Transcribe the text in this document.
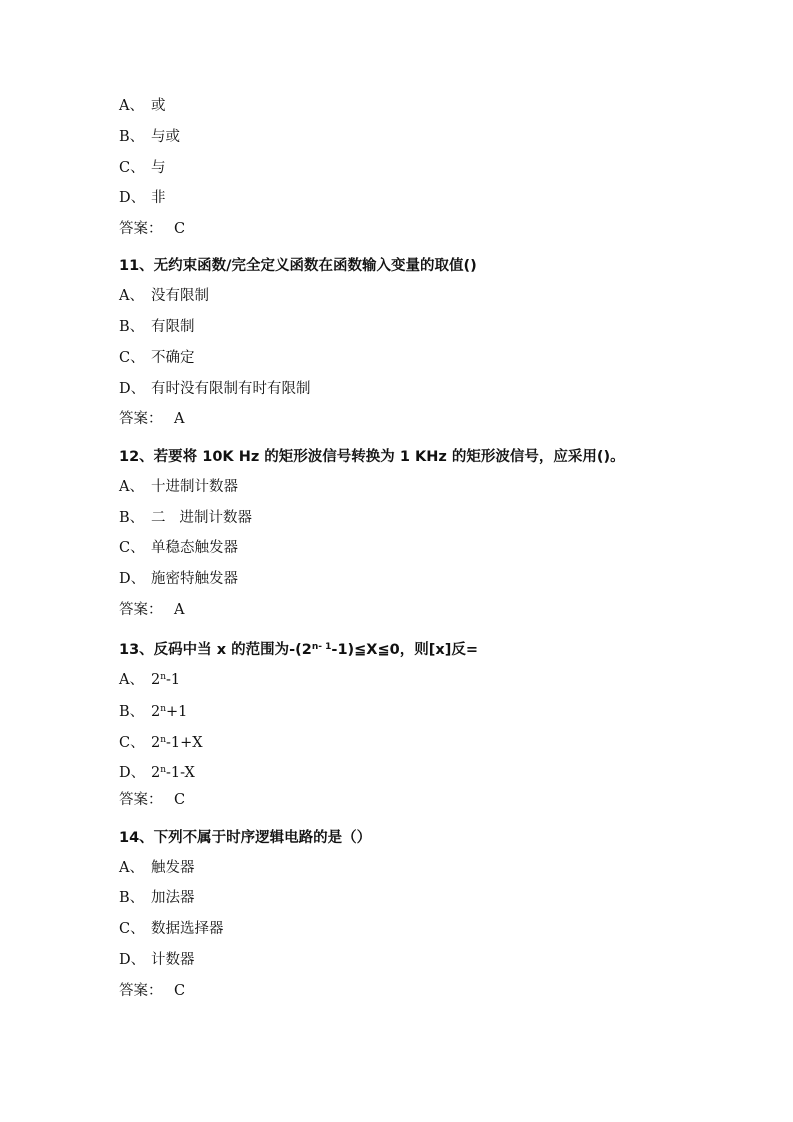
A、 或
B、 与或
C、 与
D、 非
答案： C
11、无约束函数/完全定义函数在函数输入变量的取值()
A、 没有限制
B、 有限制
C、 不确定
D、 有时没有限制有时有限制
答案： A
12、若要将 10K Hz 的矩形波信号转换为 1 KHz 的矩形波信号，应采用()。
A、 十进制计数器
B、 二 进制计数器
C、 单稳态触发器
D、 施密特触发器
答案： A
13、反码中当 x 的范围为-(2$^{n- 1}$-1)≦X≦0，则[x]反=
A、 2$^n$-1
B、 $2^n+1$
C、 $2^n-1+X$
D、 2$^n$-1-X
答案： C
14、下列不属于时序逻辑电路的是（）
A、 触发器
B、 加法器
C、 数据选择器
D、 计数器
答案： C
